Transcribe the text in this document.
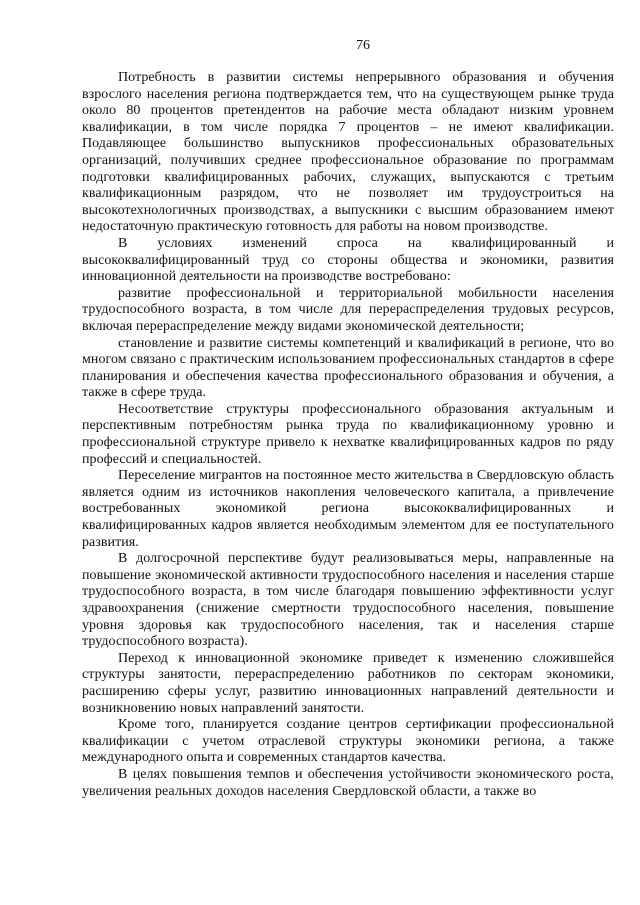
76

Потребность в развитии системы непрерывного образования и обучения взрослого населения региона подтверждается тем, что на существующем рынке труда около 80 процентов претендентов на рабочие места обладают низким уровнем квалификации, в том числе порядка 7 процентов – не имеют квалификации. Подавляющее большинство выпускников профессиональных образовательных организаций, получивших среднее профессиональное образование по программам подготовки квалифицированных рабочих, служащих, выпускаются с третьим квалификационным разрядом, что не позволяет им трудоустроиться на высокотехнологичных производствах, а выпускники с высшим образованием имеют недостаточную практическую готовность для работы на новом производстве.

В условиях изменений спроса на квалифицированный и высококвалифицированный труд со стороны общества и экономики, развития инновационной деятельности на производстве востребовано:

развитие профессиональной и территориальной мобильности населения трудоспособного возраста, в том числе для перераспределения трудовых ресурсов, включая перераспределение между видами экономической деятельности;

становление и развитие системы компетенций и квалификаций в регионе, что во многом связано с практическим использованием профессиональных стандартов в сфере планирования и обеспечения качества профессионального образования и обучения, а также в сфере труда.

Несоответствие структуры профессионального образования актуальным и перспективным потребностям рынка труда по квалификационному уровню и профессиональной структуре привело к нехватке квалифицированных кадров по ряду профессий и специальностей.

Переселение мигрантов на постоянное место жительства в Свердловскую область является одним из источников накопления человеческого капитала, а привлечение востребованных экономикой региона высококвалифицированных и квалифицированных кадров является необходимым элементом для ее поступательного развития.

В долгосрочной перспективе будут реализовываться меры, направленные на повышение экономической активности трудоспособного населения и населения старше трудоспособного возраста, в том числе благодаря повышению эффективности услуг здравоохранения (снижение смертности трудоспособного населения, повышение уровня здоровья как трудоспособного населения, так и населения старше трудоспособного возраста).

Переход к инновационной экономике приведет к изменению сложившейся структуры занятости, перераспределению работников по секторам экономики, расширению сферы услуг, развитию инновационных направлений деятельности и возникновению новых направлений занятости.

Кроме того, планируется создание центров сертификации профессиональной квалификации с учетом отраслевой структуры экономики региона, а также международного опыта и современных стандартов качества.

В целях повышения темпов и обеспечения устойчивости экономического роста, увеличения реальных доходов населения Свердловской области, а также во
